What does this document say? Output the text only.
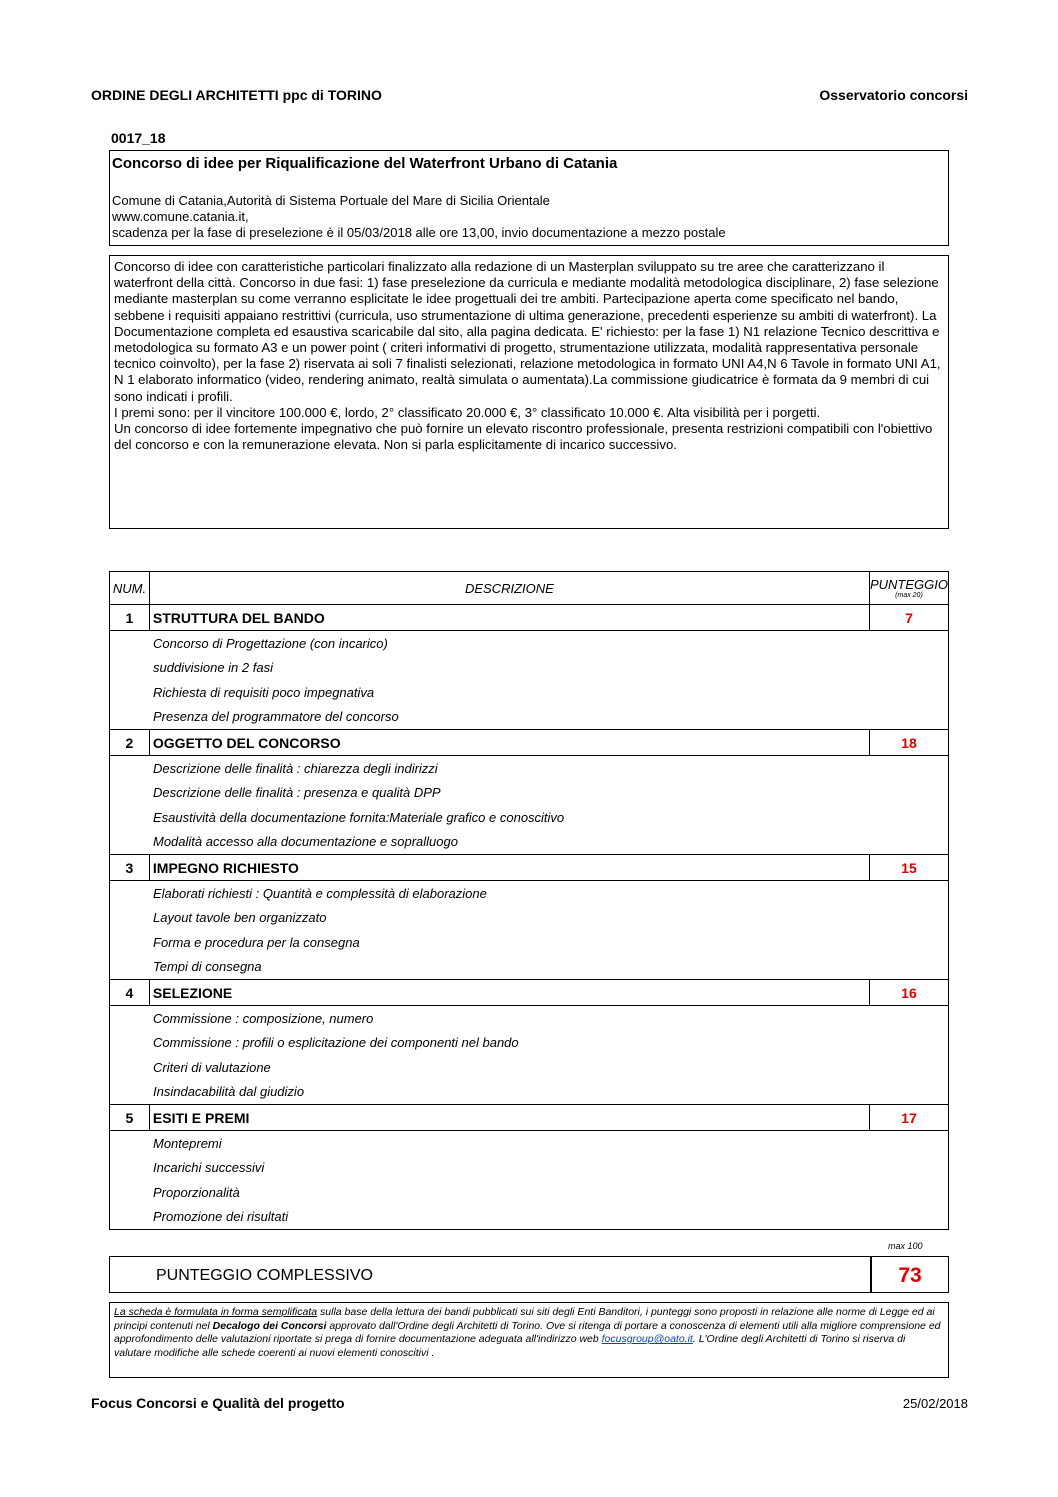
ORDINE DEGLI ARCHITETTI ppc di TORINO	Osservatorio concorsi
0017_18
Concorso di idee per Riqualificazione del Waterfront Urbano di Catania
Comune di Catania,Autorità di Sistema Portuale del Mare di Sicilia Orientale
www.comune.catania.it,
scadenza per la fase di preselezione è il 05/03/2018 alle ore 13,00, invio documentazione a mezzo postale
Concorso di idee con caratteristiche particolari finalizzato alla redazione di un Masterplan sviluppato su tre aree che caratterizzano il waterfront della città. Concorso in due fasi: 1) fase preselezione da curricula e mediante modalità metodologica disciplinare, 2) fase selezione mediante masterplan su come verranno esplicitate le idee progettuali dei tre ambiti. Partecipazione aperta come specificato nel bando, sebbene i requisiti appaiano restrittivi (curricula, uso strumentazione di ultima generazione, precedenti esperienze su ambiti di waterfront). La Documentazione completa ed esaustiva scaricabile dal sito, alla pagina dedicata. E' richiesto: per la fase 1) N1 relazione Tecnico descrittiva e metodologica su formato A3 e un power point ( criteri informativi di progetto, strumentazione utilizzata, modalità rappresentativa personale tecnico coinvolto), per la fase 2) riservata ai soli 7 finalisti selezionati, relazione metodologica in formato UNI A4,N 6 Tavole in formato UNI A1, N 1 elaborato informatico (video, rendering animato, realtà simulata o aumentata).La commissione giudicatrice è formata da 9 membri di cui sono indicati i profili.
I premi sono: per il vincitore 100.000 €, lordo, 2° classificato 20.000 €, 3° classificato 10.000 €. Alta visibilità per i porgetti.
Un concorso di idee fortemente impegnativo che può fornire un elevato riscontro professionale, presenta restrizioni compatibili con l'obiettivo del concorso e con la remunerazione elevata. Non si parla esplicitamente di incarico successivo.
NUM.	DESCRIZIONE	PUNTEGGIO
(max 20)

1	STRUTTURA DEL BANDO	7
Concorso di Progettazione (con incarico)		
suddivisione in 2 fasi		
Richiesta di requisiti poco impegnativa		
Presenza del programmatore del concorso		
2	OGGETTO DEL CONCORSO	18
Descrizione delle finalità : chiarezza degli indirizzi		
Descrizione delle finalità : presenza e qualità DPP		
Esaustività della documentazione fornita:Materiale grafico e conoscitivo		
Modalità accesso alla documentazione e sopralluogo		
3	IMPEGNO RICHIESTO	15
Elaborati richiesti : Quantità e complessità di elaborazione		
Layout tavole ben organizzato		
Forma e procedura per la consegna		
Tempi di consegna		
4	SELEZIONE	16
Commissione : composizione, numero		
Commissione : profili o esplicitazione dei componenti nel bando		
Criteri di valutazione		
Insindacabilità dal giudizio		
5	ESITI E PREMI	17
Montepremi		
Incarichi successivi		
Proporzionalità		
Promozione dei risultati		
max 100
PUNTEGGIO COMPLESSIVO	73
La scheda è formulata in forma semplificata sulla base della lettura dei bandi pubblicati sui siti degli Enti Banditori, i punteggi sono proposti in relazione alle norme di Legge ed ai principi contenuti nel Decalogo dei Concorsi approvato dall'Ordine degli Architetti di Torino. Ove si ritenga di portare a conoscenza di elementi utili alla migliore comprensione ed approfondimento delle valutazioni riportate si prega di fornire documentazione adeguata all'indirizzo web focusgroup@oato.it. L'Ordine degli Architetti di Torino si riserva di valutare modifiche alle schede coerenti ai nuovi elementi conoscitivi .
Focus Concorsi e Qualità del progetto	25/02/2018
